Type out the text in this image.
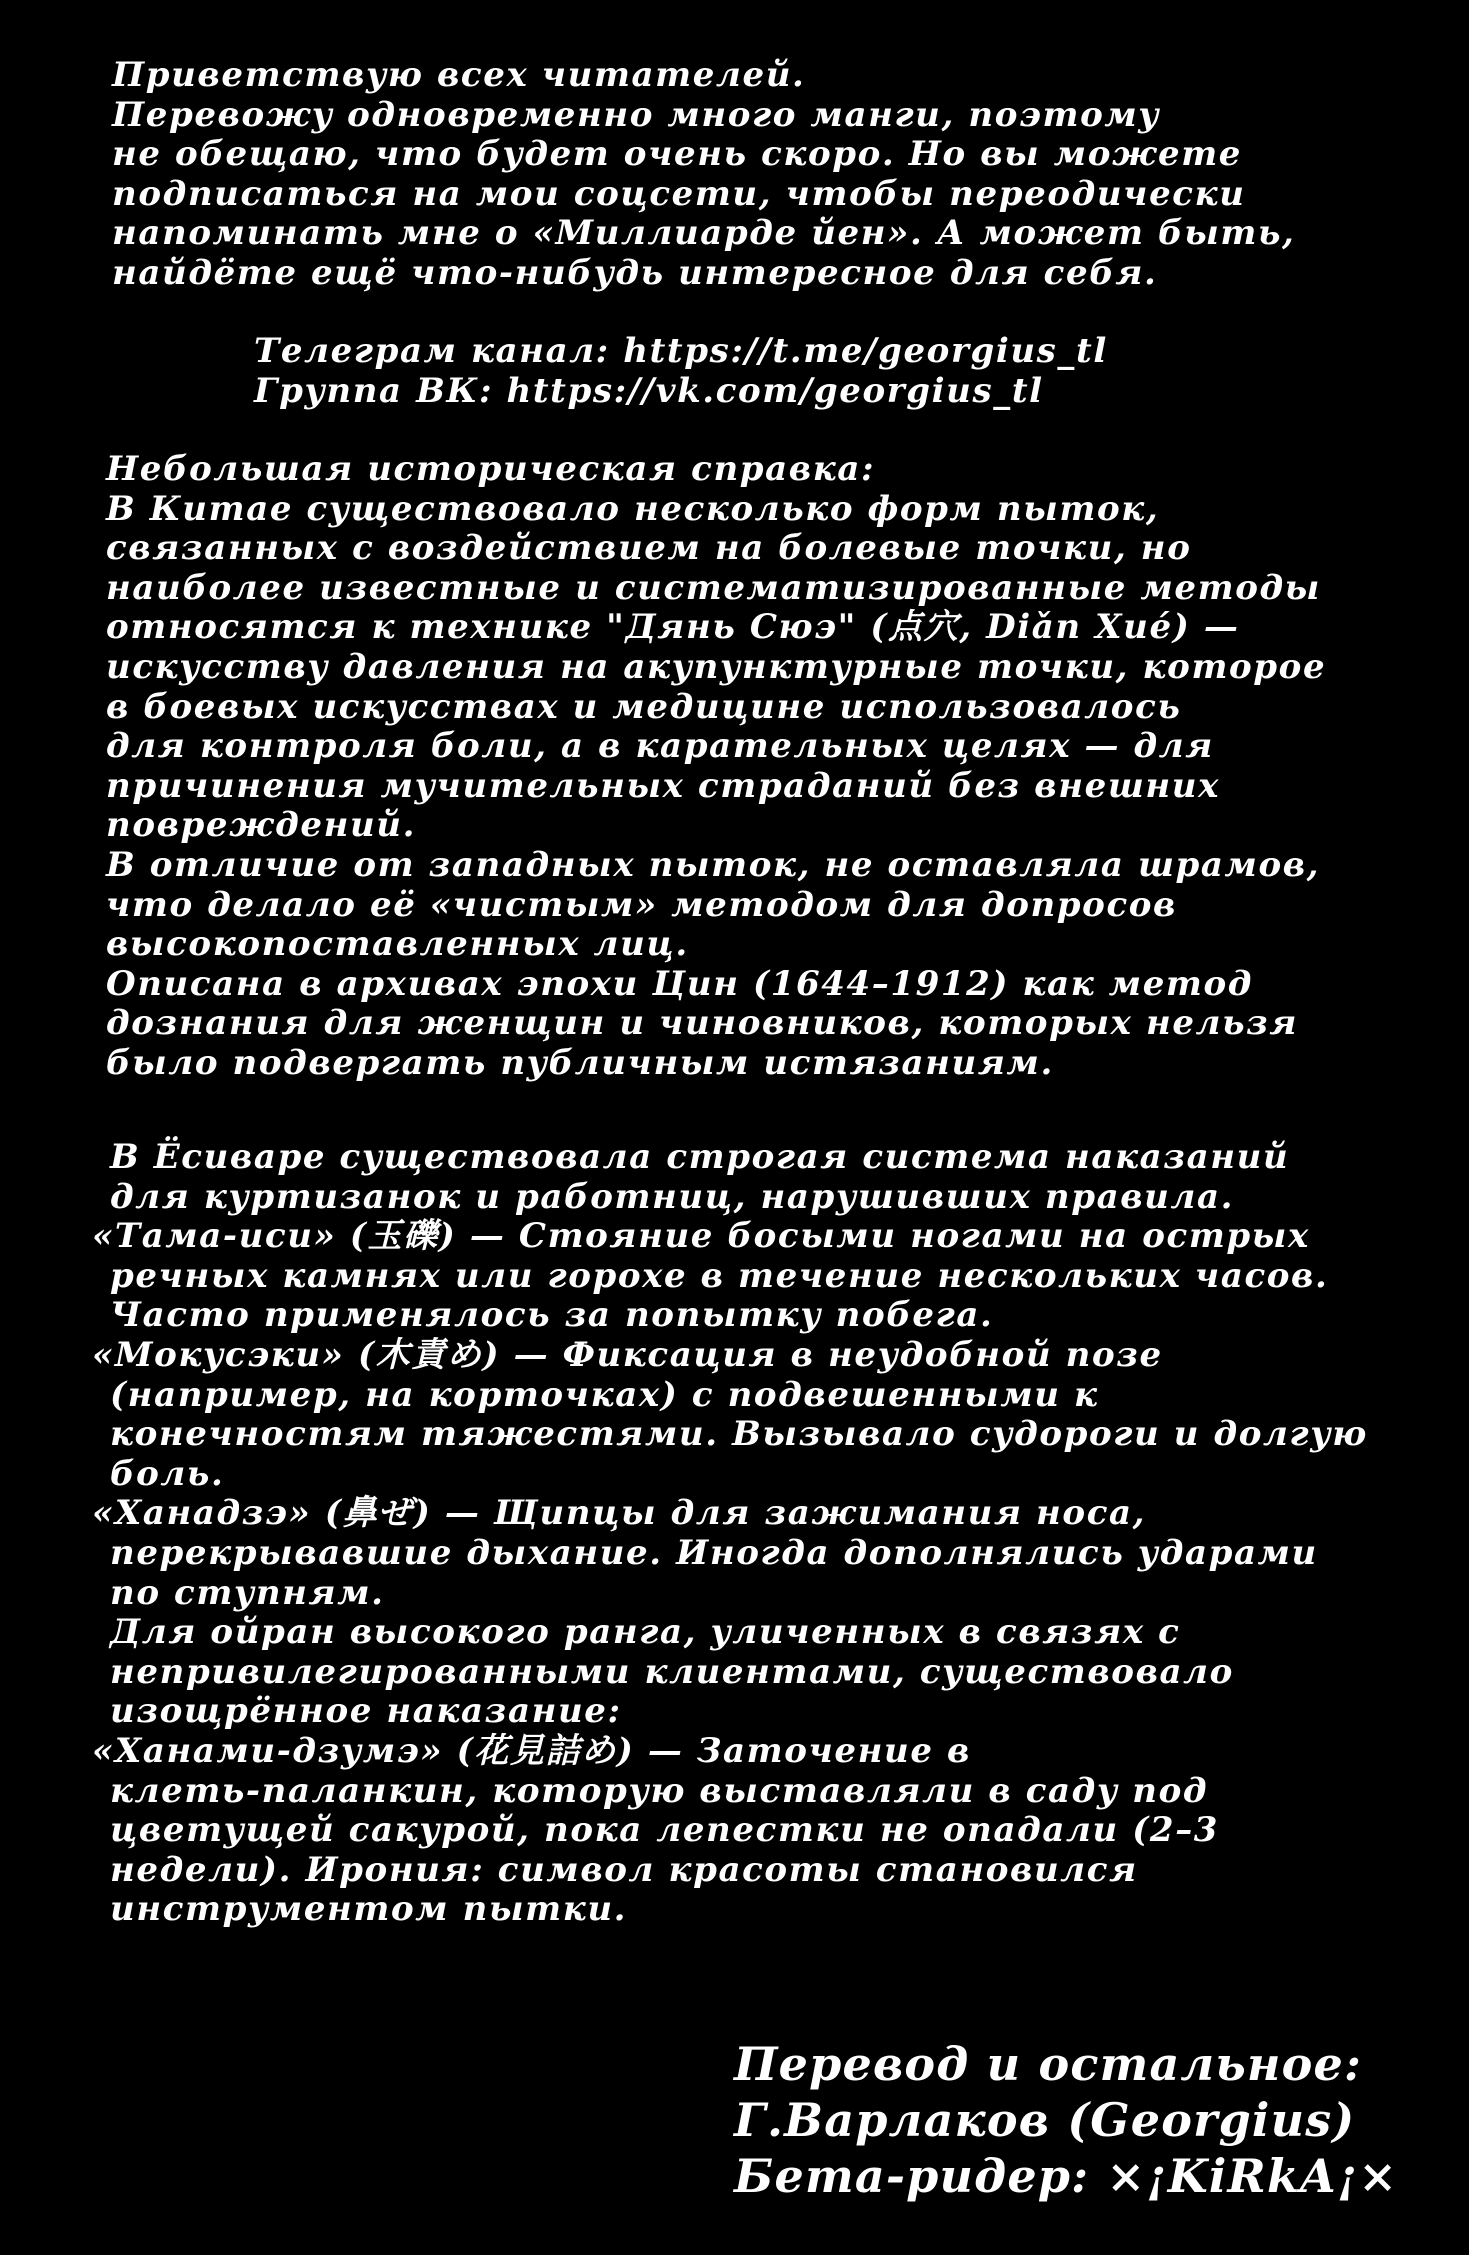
Приветствую всех читателей.
Перевожу одновременно много манги, поэтому
не обещаю, что будет очень скоро. Но вы можете
подписаться на мои соцсети, чтобы переодически
напоминать мне о «Миллиарде йен». А может быть,
найдёте ещё что-нибудь интересное для себя.
Телеграм канал: https://t.me/georgius_tl
Группа ВК: https://vk.com/georgius_tl
Небольшая историческая справка:
В Китае существовало несколько форм пыток,
связанных с воздействием на болевые точки, но
наиболее известные и систематизированные методы
относятся к технике "Дянь Сюэ" (点穴, Diǎn Xué) —
искусству давления на акупунктурные точки, которое
в боевых искусствах и медицине использовалось
для контроля боли, а в карательных целях — для
причинения мучительных страданий без внешних
повреждений.
В отличие от западных пыток, не оставляла шрамов,
что делало её «чистым» методом для допросов
высокопоставленных лиц.
Описана в архивах эпохи Цин (1644–1912) как метод
дознания для женщин и чиновников, которых нельзя
было подвергать публичным истязаниям.
В Ёсиваре существовала строгая система наказаний
для куртизанок и работниц, нарушивших правила.
«Тама-иси» (玉礫) — Стояние босыми ногами на острых
речных камнях или горохе в течение нескольких часов.
Часто применялось за попытку побега.
«Мокусэки» (木責め) — Фиксация в неудобной позе
(например, на корточках) с подвешенными к
конечностям тяжестями. Вызывало судороги и долгую
боль.
«Ханадзэ» (鼻ぜ) — Щипцы для зажимания носа,
перекрывавшие дыхание. Иногда дополнялись ударами
по ступням.
Для ойран высокого ранга, уличенных в связях с
непривилегированными клиентами, существовало
изощрённое наказание:
«Ханами-дзумэ» (花見詰め) — Заточение в
клеть-паланкин, которую выставляли в саду под
цветущей сакурой, пока лепестки не опадали (2–3
недели). Ирония: символ красоты становился
инструментом пытки.
Перевод и остальное:
Г.Варлаков (Georgius)
Бета-ридер: ×¡KiRkA¡×
